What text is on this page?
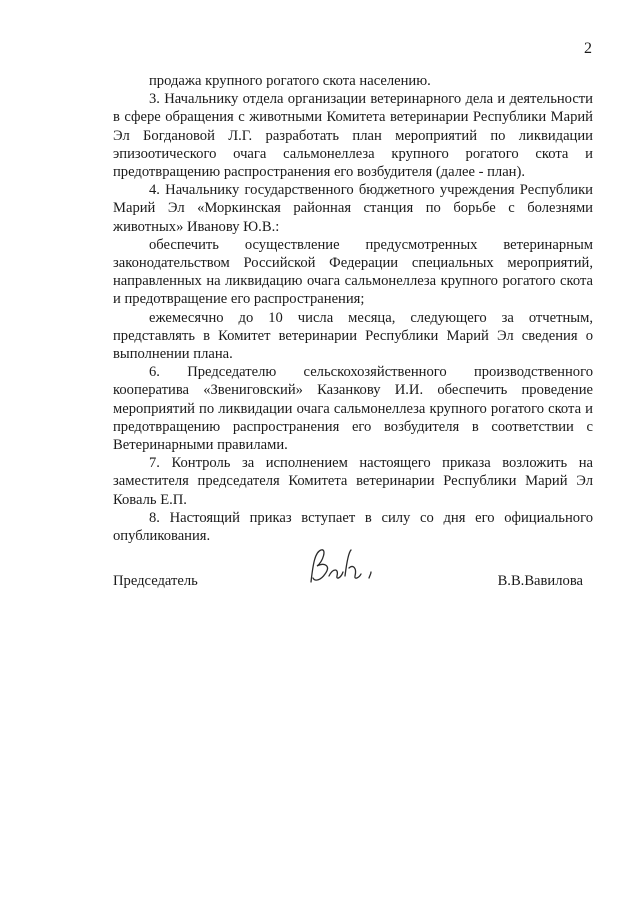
2

продажа крупного рогатого скота населению.

3. Начальнику отдела организации ветеринарного дела и деятельности в сфере обращения с животными Комитета ветеринарии Республики Марий Эл Богдановой Л.Г. разработать план мероприятий по ликвидации эпизоотического очага сальмонеллеза крупного рогатого скота и предотвращению распространения его возбудителя (далее - план).

4. Начальнику государственного бюджетного учреждения Республики Марий Эл «Моркинская районная станция по борьбе с болезнями животных» Иванову Ю.В.:

обеспечить осуществление предусмотренных ветеринарным законодательством Российской Федерации специальных мероприятий, направленных на ликвидацию очага сальмонеллеза крупного рогатого скота и предотвращение его распространения;

ежемесячно до 10 числа месяца, следующего за отчетным, представлять в Комитет ветеринарии Республики Марий Эл сведения о выполнении плана.

6. Председателю сельскохозяйственного производственного кооператива «Звениговский» Казанкову И.И. обеспечить проведение мероприятий по ликвидации очага сальмонеллеза крупного рогатого скота и предотвращению распространения его возбудителя в соответствии с Ветеринарными правилами.

7. Контроль за исполнением настоящего приказа возложить на заместителя председателя Комитета ветеринарии Республики Марий Эл Коваль Е.П.

8. Настоящий приказ вступает в силу со дня его официального опубликования.

Председатель	В.В.Вавилова
